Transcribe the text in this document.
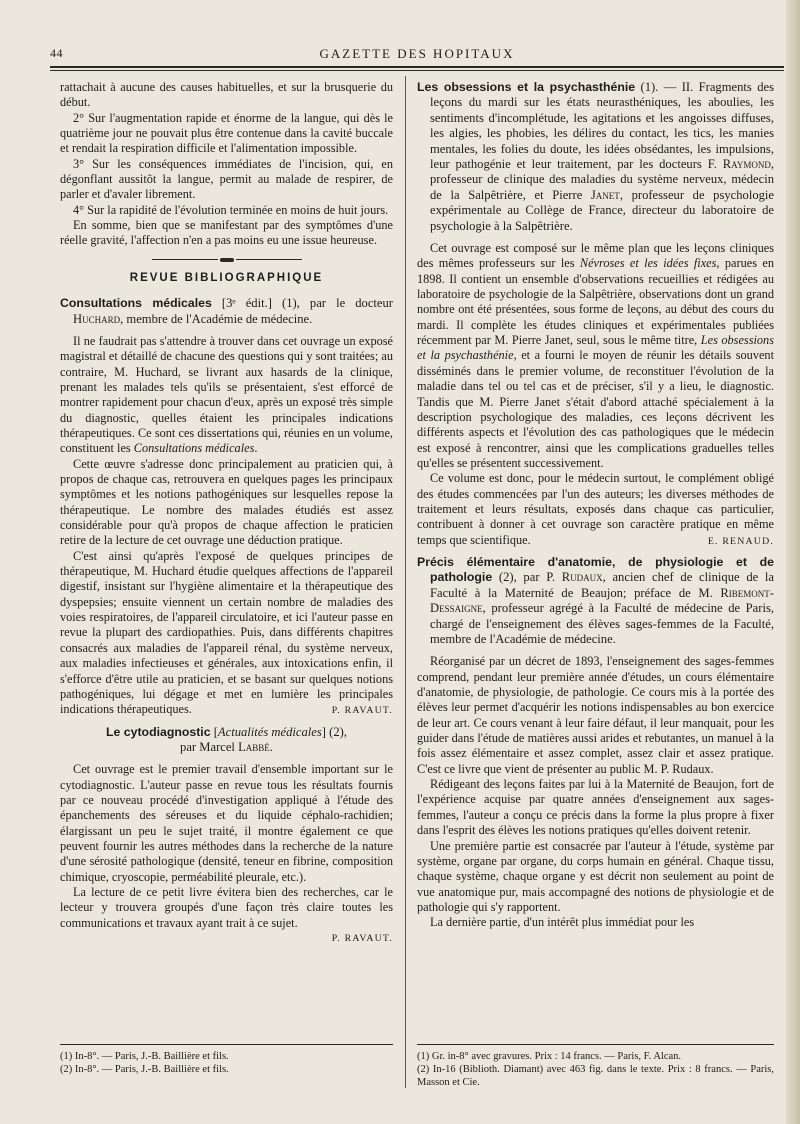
44	GAZETTE DES HOPITAUX

rattachait à aucune des causes habituelles, et sur la brusquerie du début.

2° Sur l'augmentation rapide et énorme de la langue, qui dès le quatrième jour ne pouvait plus être contenue dans la cavité buccale et rendait la respiration difficile et l'alimentation impossible.

3° Sur les conséquences immédiates de l'incision, qui, en dégonflant aussitôt la langue, permit au malade de respirer, de parler et d'avaler librement.

4° Sur la rapidité de l'évolution terminée en moins de huit jours.

En somme, bien que se manifestant par des symptômes d'une réelle gravité, l'affection n'en a pas moins eu une issue heureuse.

REVUE BIBLIOGRAPHIQUE

Consultations médicales [3ᵉ édit.] (1), par le docteur Huchard, membre de l'Académie de médecine.

Il ne faudrait pas s'attendre à trouver dans cet ouvrage un exposé magistral et détaillé de chacune des questions qui y sont traitées; au contraire, M. Huchard, se livrant aux hasards de la clinique, prenant les malades tels qu'ils se présentaient, s'est efforcé de montrer rapidement pour chacun d'eux, après un exposé très simple du diagnostic, quelles étaient les principales indications thérapeutiques. Ce sont ces dissertations qui, réunies en un volume, constituent les Consultations médicales.

Cette œuvre s'adresse donc principalement au praticien qui, à propos de chaque cas, retrouvera en quelques pages les principaux symptômes et les notions pathogéniques sur lesquelles repose la thérapeutique. Le nombre des malades étudiés est assez considérable pour qu'à propos de chaque affection le praticien retire de la lecture de cet ouvrage une déduction pratique.

C'est ainsi qu'après l'exposé de quelques principes de thérapeutique, M. Huchard étudie quelques affections de l'appareil digestif, insistant sur l'hygiène alimentaire et la thérapeutique des dyspepsies; ensuite viennent un certain nombre de maladies des voies respiratoires, de l'appareil circulatoire, et ici l'auteur passe en revue la plupart des cardiopathies. Puis, dans différents chapitres consacrés aux maladies de l'appareil rénal, du système nerveux, aux maladies infectieuses et générales, aux intoxications enfin, il s'efforce d'être utile au praticien, et se basant sur quelques notions pathogéniques, lui dégage et met en lumière les principales indications thérapeutiques.	P. RAVAUT.

Le cytodiagnostic [Actualités médicales] (2),
par Marcel Labbé.

Cet ouvrage est le premier travail d'ensemble important sur le cytodiagnostic. L'auteur passe en revue tous les résultats fournis par ce nouveau procédé d'investigation appliqué à l'étude des épanchements des séreuses et du liquide céphalo-rachidien; élargissant un peu le sujet traité, il montre également ce que peuvent fournir les autres méthodes dans la recherche de la nature d'une sérosité pathologique (densité, teneur en fibrine, composition chimique, cryoscopie, perméabilité pleurale, etc.).

La lecture de ce petit livre évitera bien des recherches, car le lecteur y trouvera groupés d'une façon très claire toutes les communications et travaux ayant trait à ce sujet.

P. RAVAUT.

Les obsessions et la psychasthénie (1). — II. Fragments des leçons du mardi sur les états neurasthéniques, les aboulies, les sentiments d'incomplétude, les agitations et les angoisses diffuses, les algies, les phobies, les délires du contact, les tics, les manies mentales, les folies du doute, les idées obsédantes, les impulsions, leur pathogénie et leur traitement, par les docteurs F. Raymond, professeur de clinique des maladies du système nerveux, médecin de la Salpêtrière, et Pierre Janet, professeur de psychologie expérimentale au Collège de France, directeur du laboratoire de psychologie à la Salpêtrière.

Cet ouvrage est composé sur le même plan que les leçons cliniques des mêmes professeurs sur les Névroses et les idées fixes, parues en 1898. Il contient un ensemble d'observations recueillies et rédigées au laboratoire de psychologie de la Salpêtrière, observations dont un grand nombre ont été présentées, sous forme de leçons, au début des cours du mardi. Il complète les études cliniques et expérimentales publiées récemment par M. Pierre Janet, seul, sous le même titre, Les obsessions et la psychasthénie, et a fourni le moyen de réunir les détails souvent disséminés dans le premier volume, de reconstituer l'évolution de la maladie dans tel ou tel cas et de préciser, s'il y a lieu, le diagnostic. Tandis que M. Pierre Janet s'était d'abord attaché spécialement à la description psychologique des maladies, ces leçons décrivent les différents aspects et l'évolution des cas pathologiques que le médecin est exposé à rencontrer, ainsi que les complications graduelles telles qu'elles se présentent successivement.

Ce volume est donc, pour le médecin surtout, le complément obligé des études commencées par l'un des auteurs; les diverses méthodes de traitement et leurs résultats, exposés dans chaque cas particulier, contribuent à donner à cet ouvrage son caractère pratique en même temps que scientifique.	E. RENAUD.

Précis élémentaire d'anatomie, de physiologie et de pathologie (2), par P. Rudaux, ancien chef de clinique de la Faculté à la Maternité de Beaujon; préface de M. Ribemont-Dessaigne, professeur agrégé à la Faculté de médecine de Paris, chargé de l'enseignement des élèves sages-femmes de la Faculté, membre de l'Académie de médecine.

Réorganisé par un décret de 1893, l'enseignement des sages-femmes comprend, pendant leur première année d'études, un cours élémentaire d'anatomie, de physiologie, de pathologie. Ce cours mis à la portée des élèves leur permet d'acquérir les notions indispensables au bon exercice de leur art. Ce cours venant à leur faire défaut, il leur manquait, pour les guider dans l'étude de matières aussi arides et rebutantes, un manuel à la fois assez élémentaire et assez complet, assez clair et assez pratique. C'est ce livre que vient de présenter au public M. P. Rudaux.

Rédigeant des leçons faites par lui à la Maternité de Beaujon, fort de l'expérience acquise par quatre années d'enseignement aux sages-femmes, l'auteur a conçu ce précis dans la forme la plus propre à fixer dans l'esprit des élèves les notions pratiques qu'elles doivent retenir.

Une première partie est consacrée par l'auteur à l'étude, système par système, organe par organe, du corps humain en général. Chaque tissu, chaque système, chaque organe y est décrit non seulement au point de vue anatomique pur, mais accompagné des notions de physiologie et de pathologie qui s'y rapportent.

La dernière partie, d'un intérêt plus immédiat pour les

(1) In-8°. — Paris, J.-B. Baillière et fils.

(2) In-8°. — Paris, J.-B. Baillière et fils.

(1) Gr. in-8° avec gravures. Prix : 14 francs. — Paris, F. Alcan.

(2) In-16 (Biblioth. Diamant) avec 463 fig. dans le texte. Prix : 8 francs. — Paris, Masson et Cie.
